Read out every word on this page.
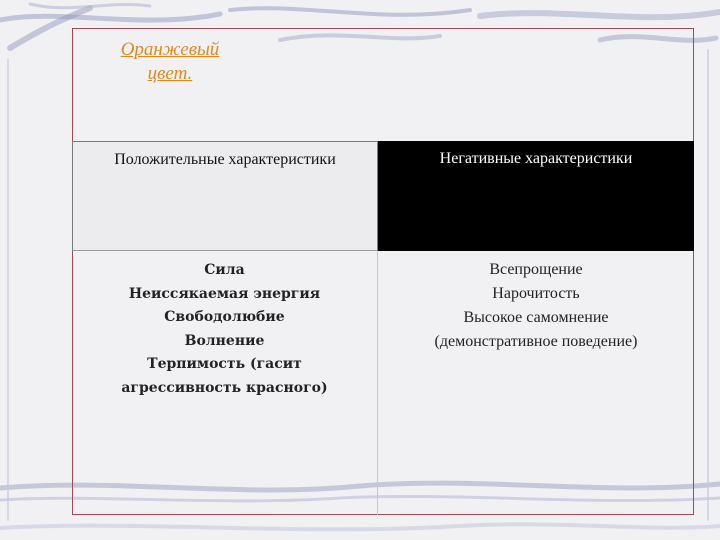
Оранжевый
цвет.
Положительные характеристики	Негативные характеристики
Сила
Неиссякаемая энергия
Свободолюбие
Волнение
Терпимость (гасит
агрессивность красного)
Всепрощение
Нарочитость
Высокое самомнение
(демонстративное поведение)
